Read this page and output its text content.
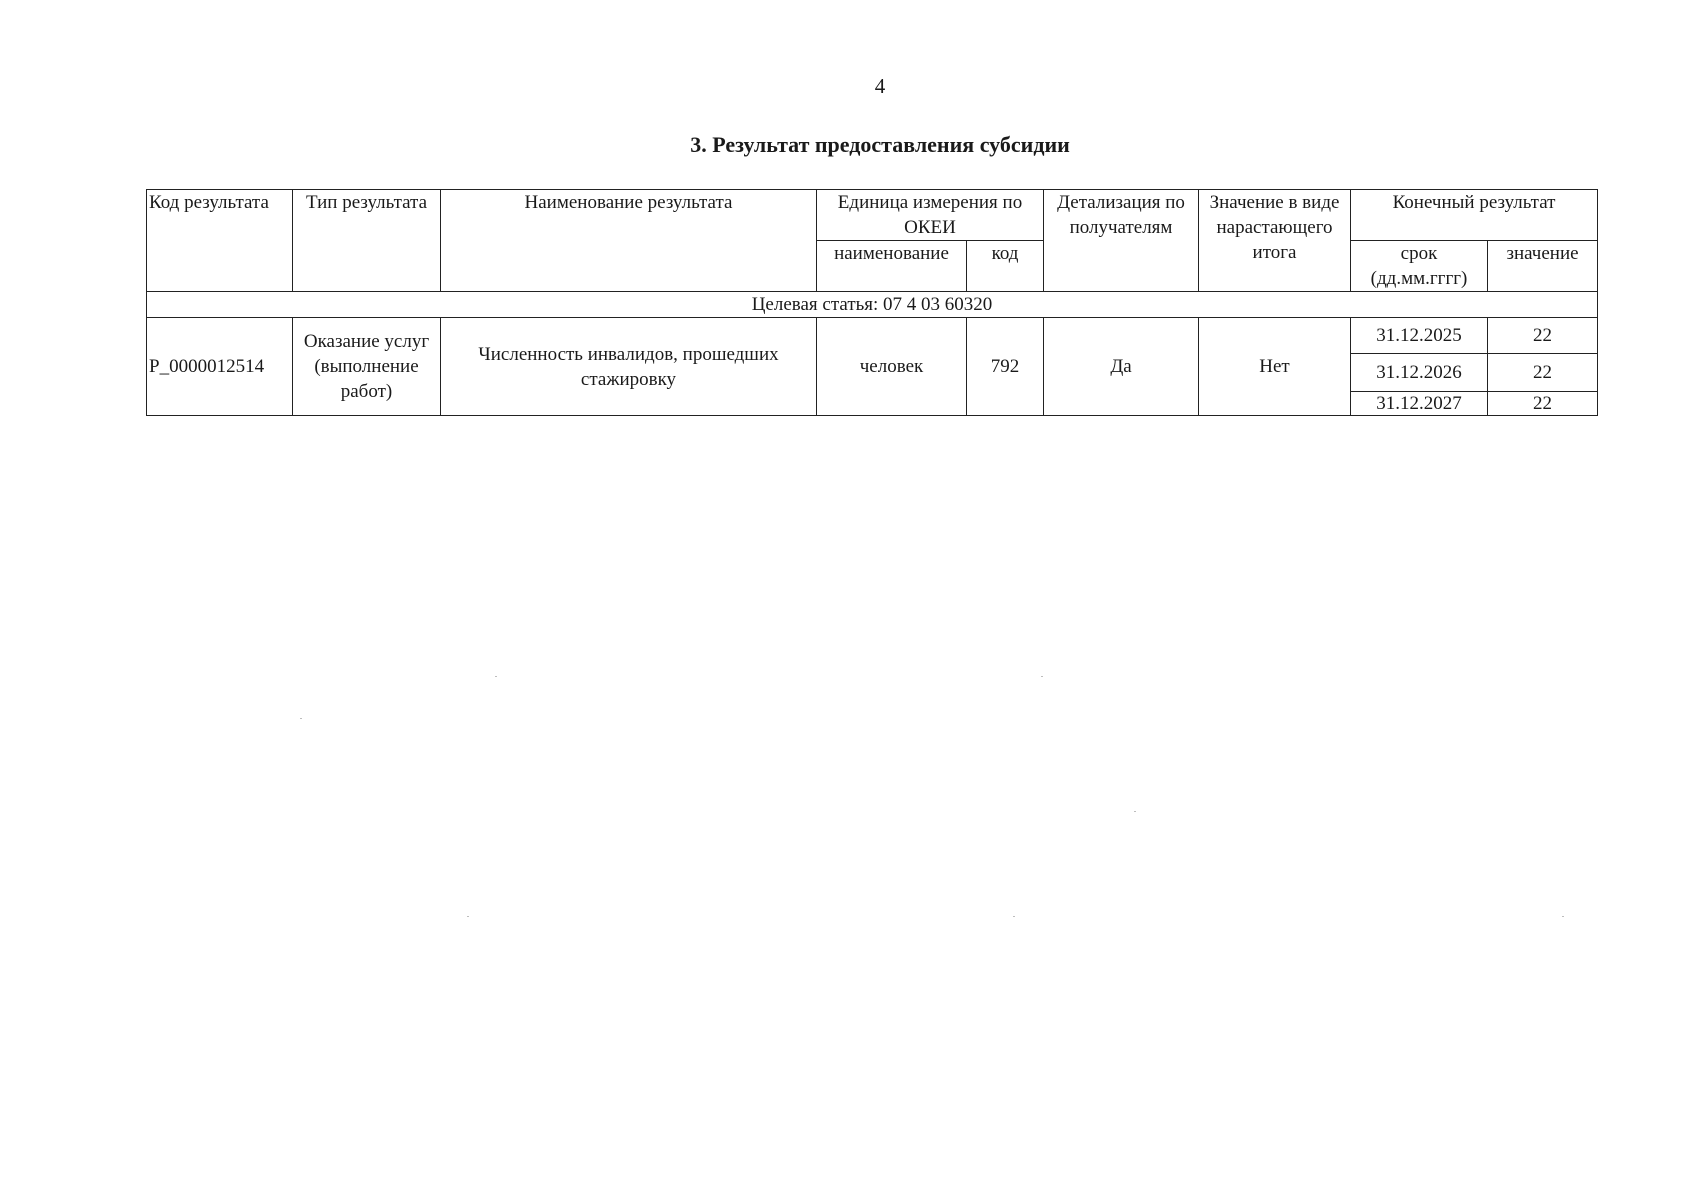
4
3. Результат предоставления субсидии
Код результата	Тип результата	Наименование результата	Единица измерения по ОКЕИ		Детализация по получателям	Значение в виде нарастающего итога	Конечный результат	
			наименование	код			срок (дд.мм.гггг)	значение
Целевая статья: 07 4 03 60320								
P_0000012514	Оказание услуг (выполнение работ)	Численность инвалидов, прошедших стажировку	человек	792	Да	Нет	31.12.2025	22
							31.12.2026	22
							31.12.2027	22
